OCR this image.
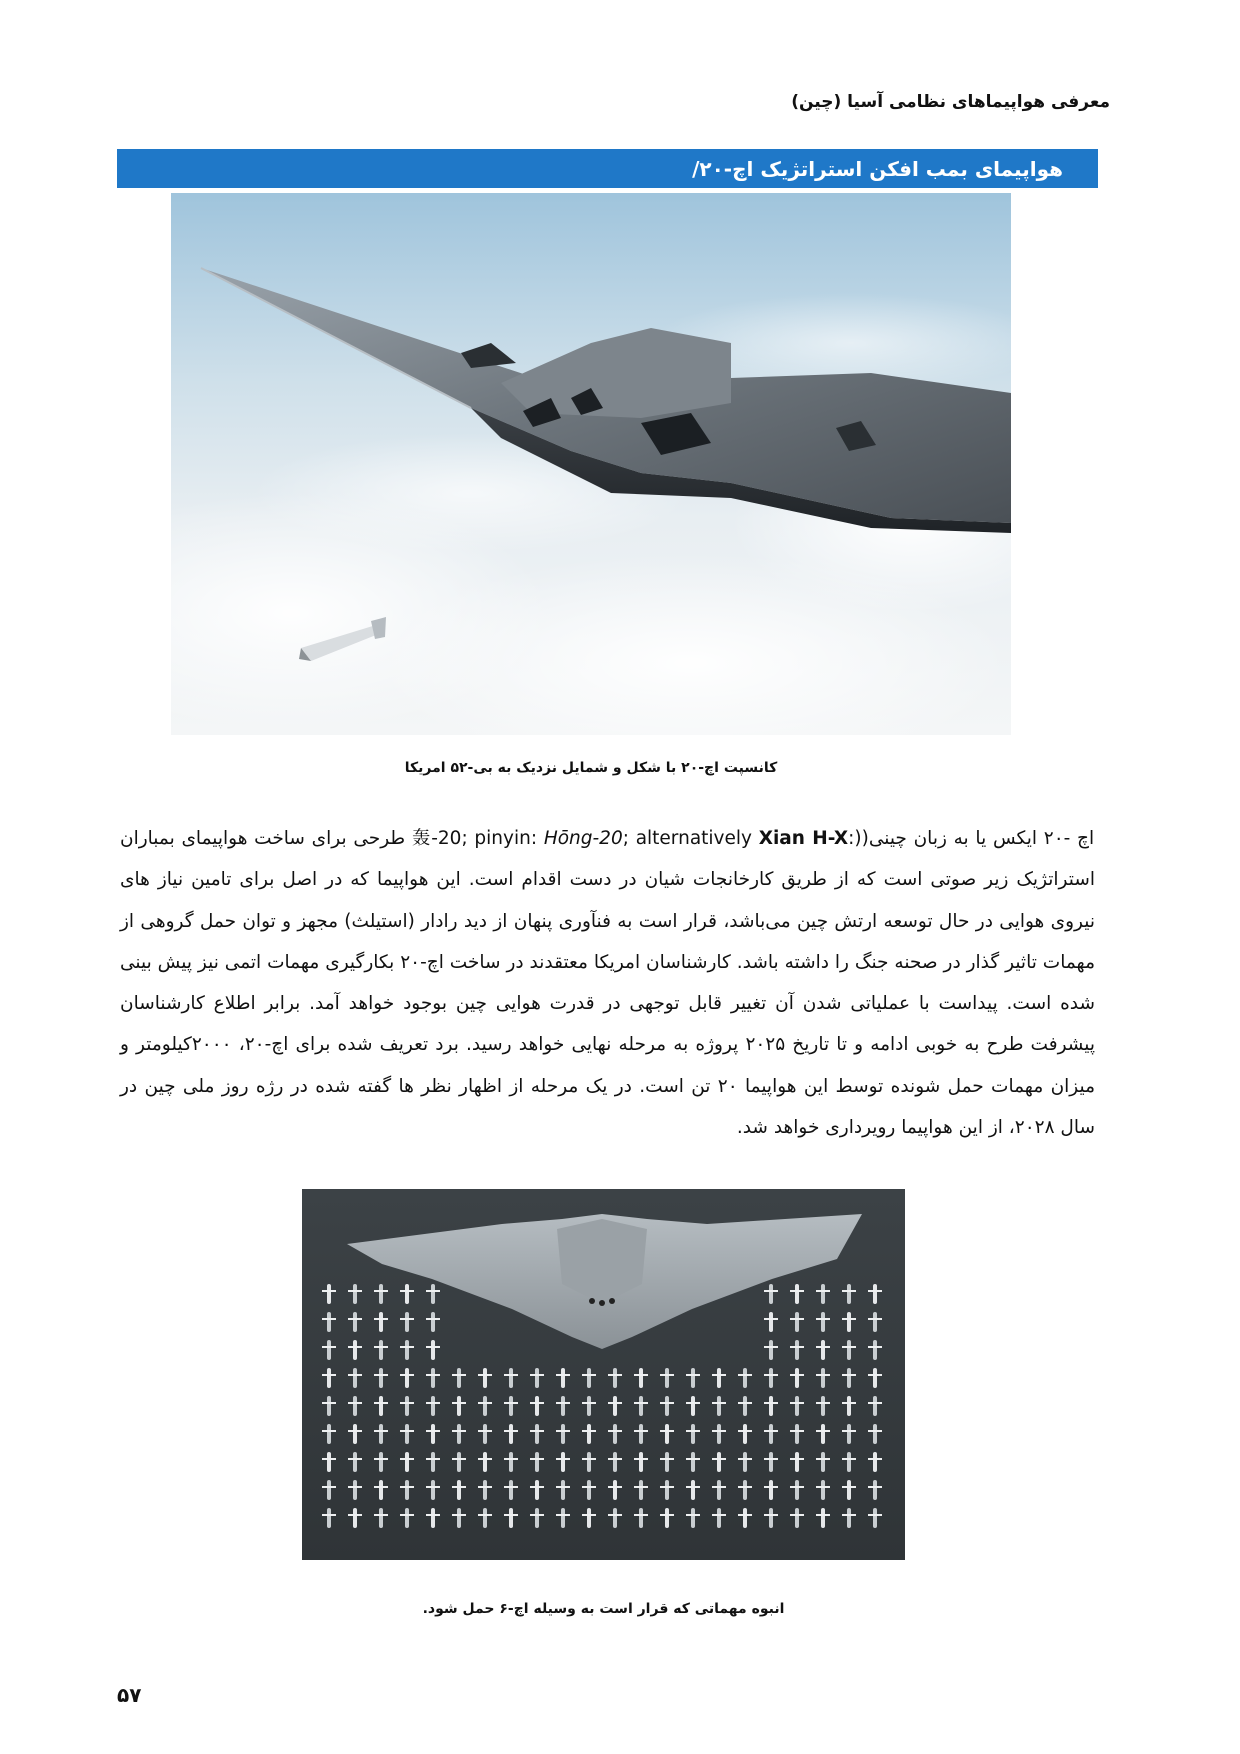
معرفی هواپیماهای نظامی آسیا (چین)
هواپیمای بمب افکن استراتژیک اچ-۲۰/
کانسپت اچ-۲۰ با شکل و شمایل نزدیک به بی-۵۲ امریکا
اچ -۲۰ ایکس یا به زبان چینی(轰-20; pinyin: Hōng-20; alternatively Xian H-X:) طرحی برای ساخت هواپیمای بمباران استراتژیک زیر صوتی است که از طریق کارخانجات شیان در دست اقدام است. این هواپیما که در اصل برای تامین نیاز های نیروی هوایی در حال توسعه ارتش چین می‌باشد، قرار است به فنآوری پنهان از دید رادار (استیلث) مجهز و توان حمل گروهی از مهمات تاثیر گذار در صحنه جنگ را داشته باشد. کارشناسان امریکا معتقدند در ساخت اچ-۲۰ بکارگیری مهمات اتمی نیز پیش بینی شده است. پیداست با عملیاتی شدن آن تغییر قابل توجهی در قدرت هوایی چین بوجود خواهد آمد. برابر اطلاع کارشناسان پیشرفت طرح به خوبی ادامه و تا تاریخ ۲۰۲۵ پروژه به مرحله نهایی خواهد رسید. برد تعریف شده برای اچ-۲۰، ۲۰۰۰کیلومتر و میزان مهمات حمل شونده توسط این هواپیما ۲۰ تن است. در یک مرحله از اظهار نظر ها گفته شده در رژه روز ملی چین در سال ۲۰۲۸، از این هواپیما رویرداری خواهد شد.
انبوه مهماتی که قرار است به وسیله اچ-۶ حمل شود.
۵۷
